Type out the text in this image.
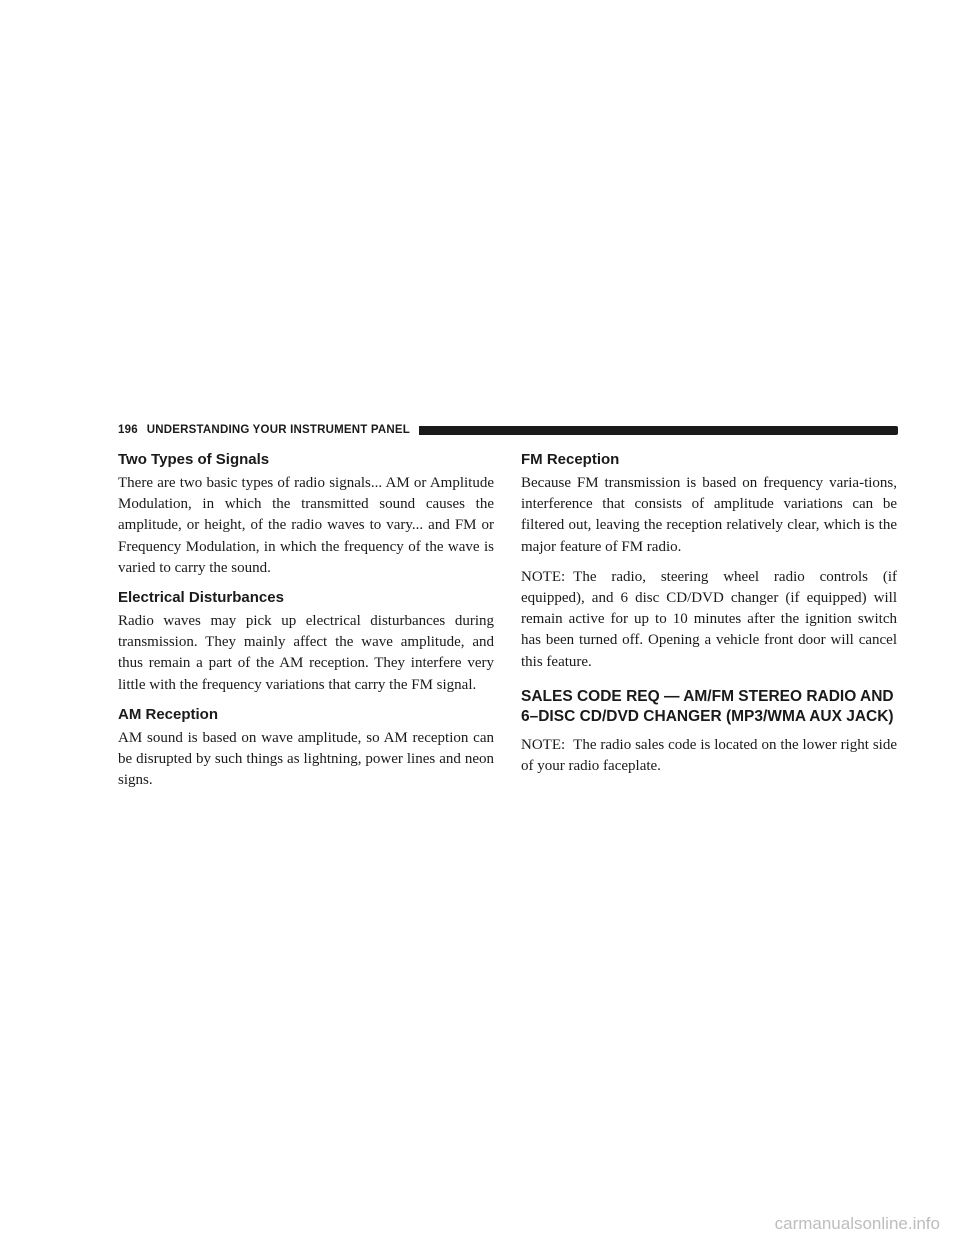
196 UNDERSTANDING YOUR INSTRUMENT PANEL
Two Types of Signals

There are two basic types of radio signals... AM or Amplitude Modulation, in which the transmitted sound causes the amplitude, or height, of the radio waves to vary... and FM or Frequency Modulation, in which the frequency of the wave is varied to carry the sound.

Electrical Disturbances

Radio waves may pick up electrical disturbances during transmission. They mainly affect the wave amplitude, and thus remain a part of the AM reception. They interfere very little with the frequency variations that carry the FM signal.

AM Reception

AM sound is based on wave amplitude, so AM reception can be disrupted by such things as lightning, power lines and neon signs.

FM Reception

Because FM transmission is based on frequency varia-tions, interference that consists of amplitude variations can be filtered out, leaving the reception relatively clear, which is the major feature of FM radio.

NOTE: The radio, steering wheel radio controls (if equipped), and 6 disc CD/DVD changer (if equipped) will remain active for up to 10 minutes after the ignition switch has been turned off. Opening a vehicle front door will cancel this feature.

SALES CODE REQ — AM/FM STEREO RADIO AND 6–DISC CD/DVD CHANGER (MP3/WMA AUX JACK)

NOTE: The radio sales code is located on the lower right side of your radio faceplate.

carmanualsonline.info
